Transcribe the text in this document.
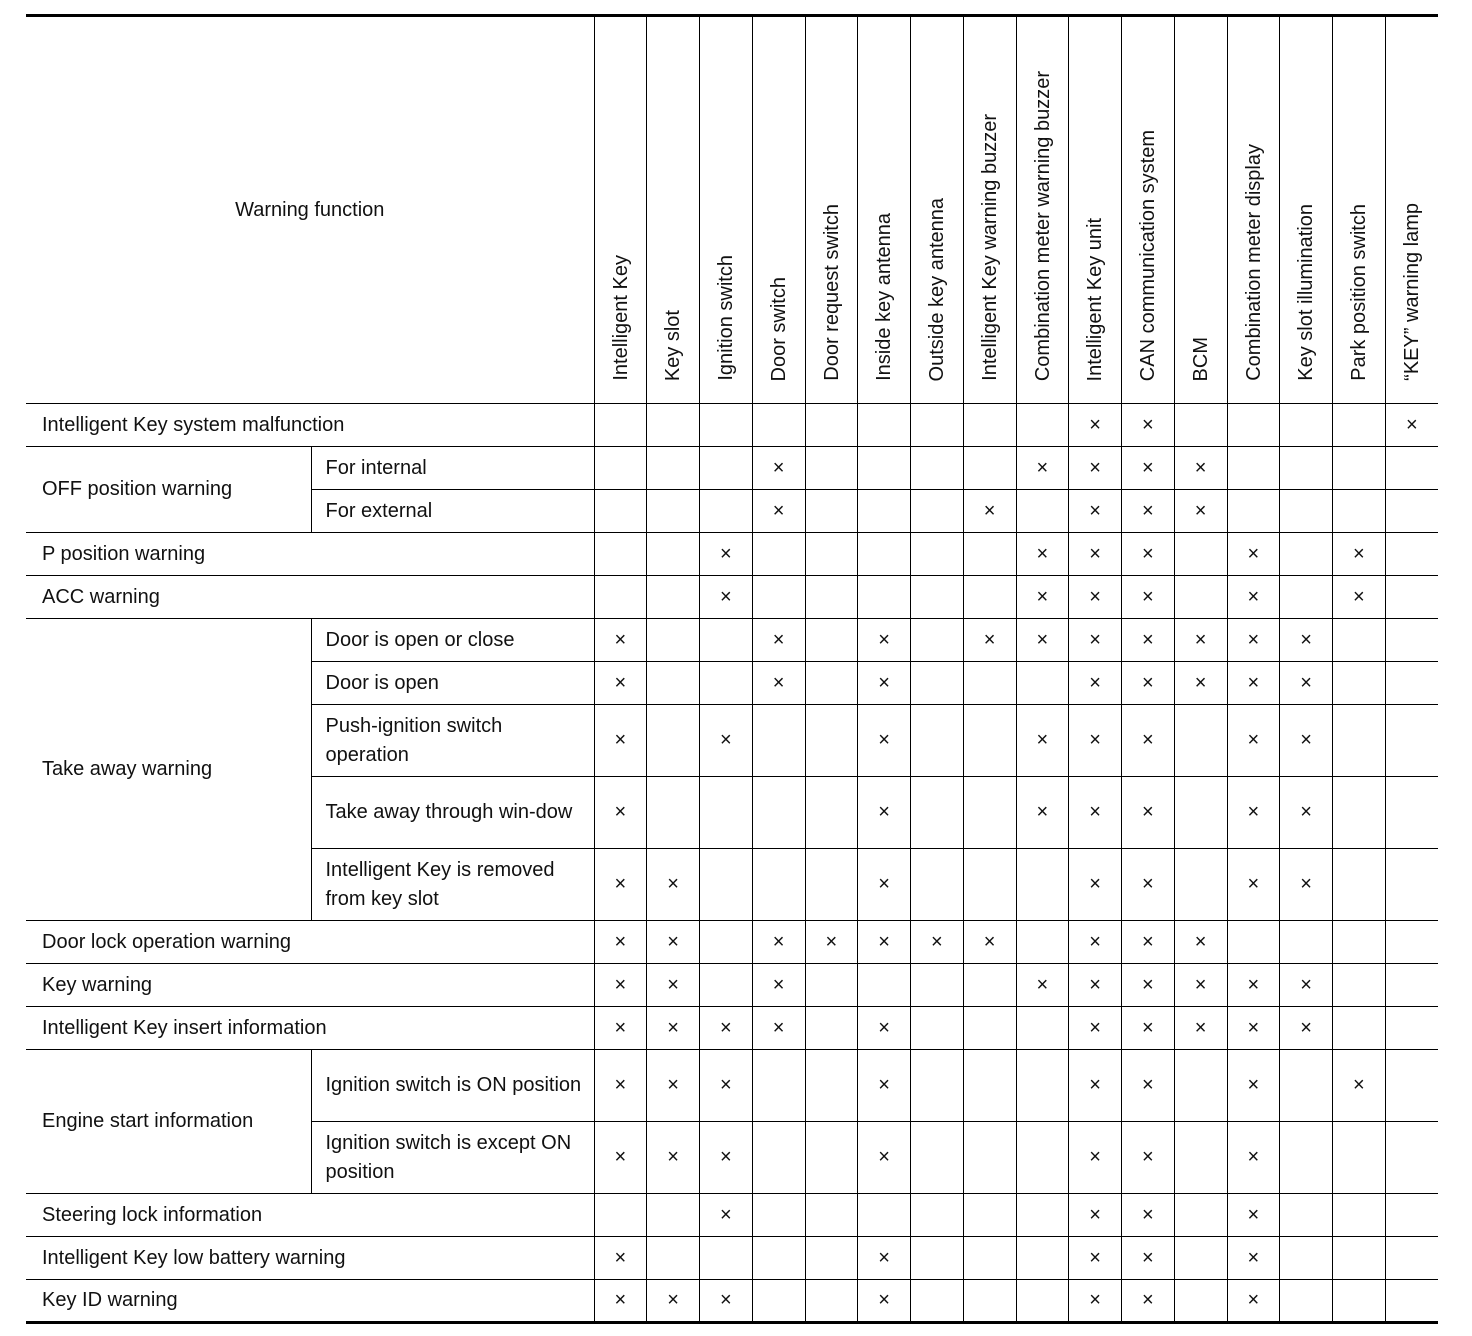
Warning function		Intelligent Key	Key slot	Ignition switch	Door switch	Door request switch	Inside key antenna	Outside key antenna	Intelligent Key warning buzzer	Combination meter warning buzzer	Intelligent Key unit	CAN communication system	BCM	Combination meter display	Key slot illumination	Park position switch	“KEY” warning lamp
Intelligent Key system malfunction											×	×					×
OFF position warning	For internal				×					×	×	×	×				
	For external				×				×		×	×	×				
P position warning				×						×	×	×		×		×	
ACC warning				×						×	×	×		×		×	
Take away warning	Door is open or close	×			×		×		×	×	×	×	×	×	×		
	Door is open	×			×		×				×	×	×	×	×		
	Push-ignition switch operation	×		×			×			×	×	×		×	×		
	Take away through win-dow	×					×			×	×	×		×	×		
	Intelligent Key is removed from key slot	×	×				×				×	×		×	×		
Door lock operation warning		×	×		×	×	×	×	×		×	×	×				
Key warning		×	×		×					×	×	×	×	×	×		
Intelligent Key insert information		×	×	×	×		×				×	×	×	×	×		
Engine start information	Ignition switch is ON position	×	×	×			×				×	×		×		×	
	Ignition switch is except ON position	×	×	×			×				×	×		×			
Steering lock information				×							×	×		×			
Intelligent Key low battery warning		×					×				×	×		×			
Key ID warning		×	×	×			×				×	×		×			
